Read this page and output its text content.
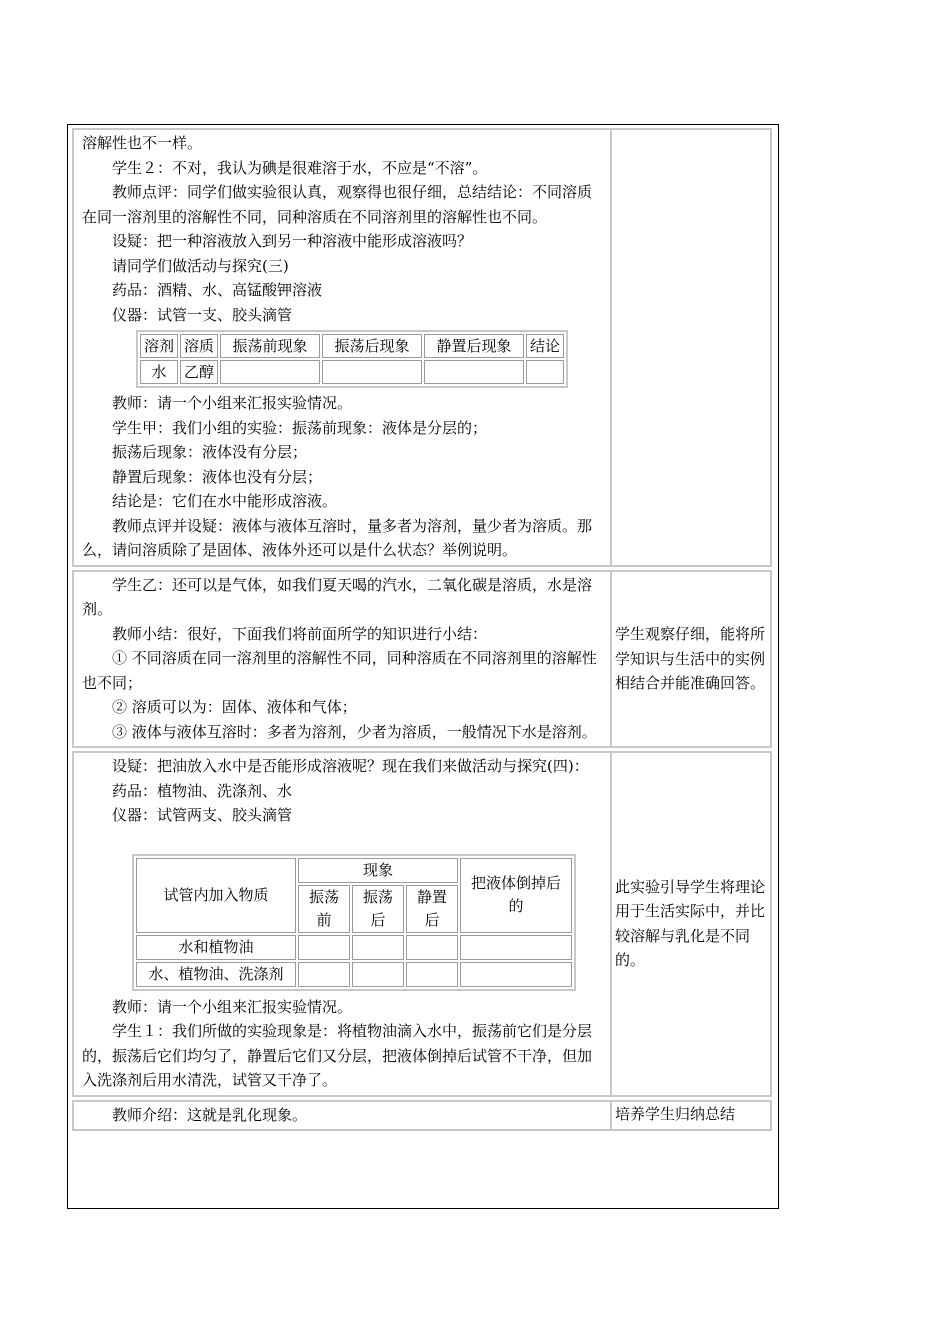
溶解性也不一样。

学生２：不对，我认为碘是很难溶于水，不应是“不溶”。

教师点评：同学们做实验很认真，观察得也很仔细，总结结论：不同溶质在同一溶剂里的溶解性不同，同种溶质在不同溶剂里的溶解性也不同。

设疑：把一种溶液放入到另一种溶液中能形成溶液吗？

请同学们做活动与探究(三)

药品：酒精、水、高锰酸钾溶液

仪器：试管一支、胶头滴管

溶剂	溶质	振荡前现象	振荡后现象	静置后现象	结论
水	乙醇				

教师：请一个小组来汇报实验情况。

学生甲：我们小组的实验：振荡前现象：液体是分层的；

振荡后现象：液体没有分层；

静置后现象：液体也没有分层；

结论是：它们在水中能形成溶液。

教师点评并设疑：液体与液体互溶时，量多者为溶剂，量少者为溶质。那么，请问溶质除了是固体、液体外还可以是什么状态？举例说明。

学生乙：还可以是气体，如我们夏天喝的汽水，二氧化碳是溶质，水是溶剂。

教师小结：很好，下面我们将前面所学的知识进行小结：

① 不同溶质在同一溶剂里的溶解性不同，同种溶质在不同溶剂里的溶解性也不同；

② 溶质可以为：固体、液体和气体；

③ 液体与液体互溶时：多者为溶剂，少者为溶质，一般情况下水是溶剂。

学生观察仔细，能将所学知识与生活中的实例相结合并能准确回答。

设疑：把油放入水中是否能形成溶液呢？现在我们来做活动与探究(四)：

药品：植物油、洗涤剂、水

仪器：试管两支、胶头滴管

试管内加入物质	现象			把液体倒掉后的
	振荡前	振荡后	静置后	
水和植物油				
水、植物油、洗涤剂				

教师：请一个小组来汇报实验情况。

学生１：我们所做的实验现象是：将植物油滴入水中，振荡前它们是分层的，振荡后它们均匀了，静置后它们又分层，把液体倒掉后试管不干净，但加入洗涤剂后用水清洗，试管又干净了。

此实验引导学生将理论用于生活实际中，并比较溶解与乳化是不同的。

教师介绍：这就是乳化现象。	培养学生归纳总结
